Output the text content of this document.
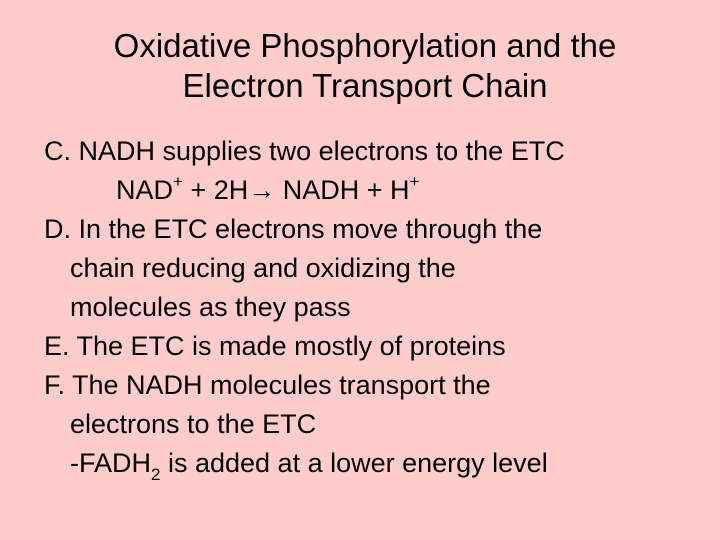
Oxidative Phosphorylation and the
Electron Transport Chain
C. NADH supplies two electrons to the ETC
NAD+ + 2H→ NADH + H+
D. In the ETC electrons move through the
chain reducing and oxidizing the
molecules as they pass
E. The ETC is made mostly of proteins
F. The NADH molecules transport the
electrons to the ETC
$-FADH_2$ is added at a lower energy level
